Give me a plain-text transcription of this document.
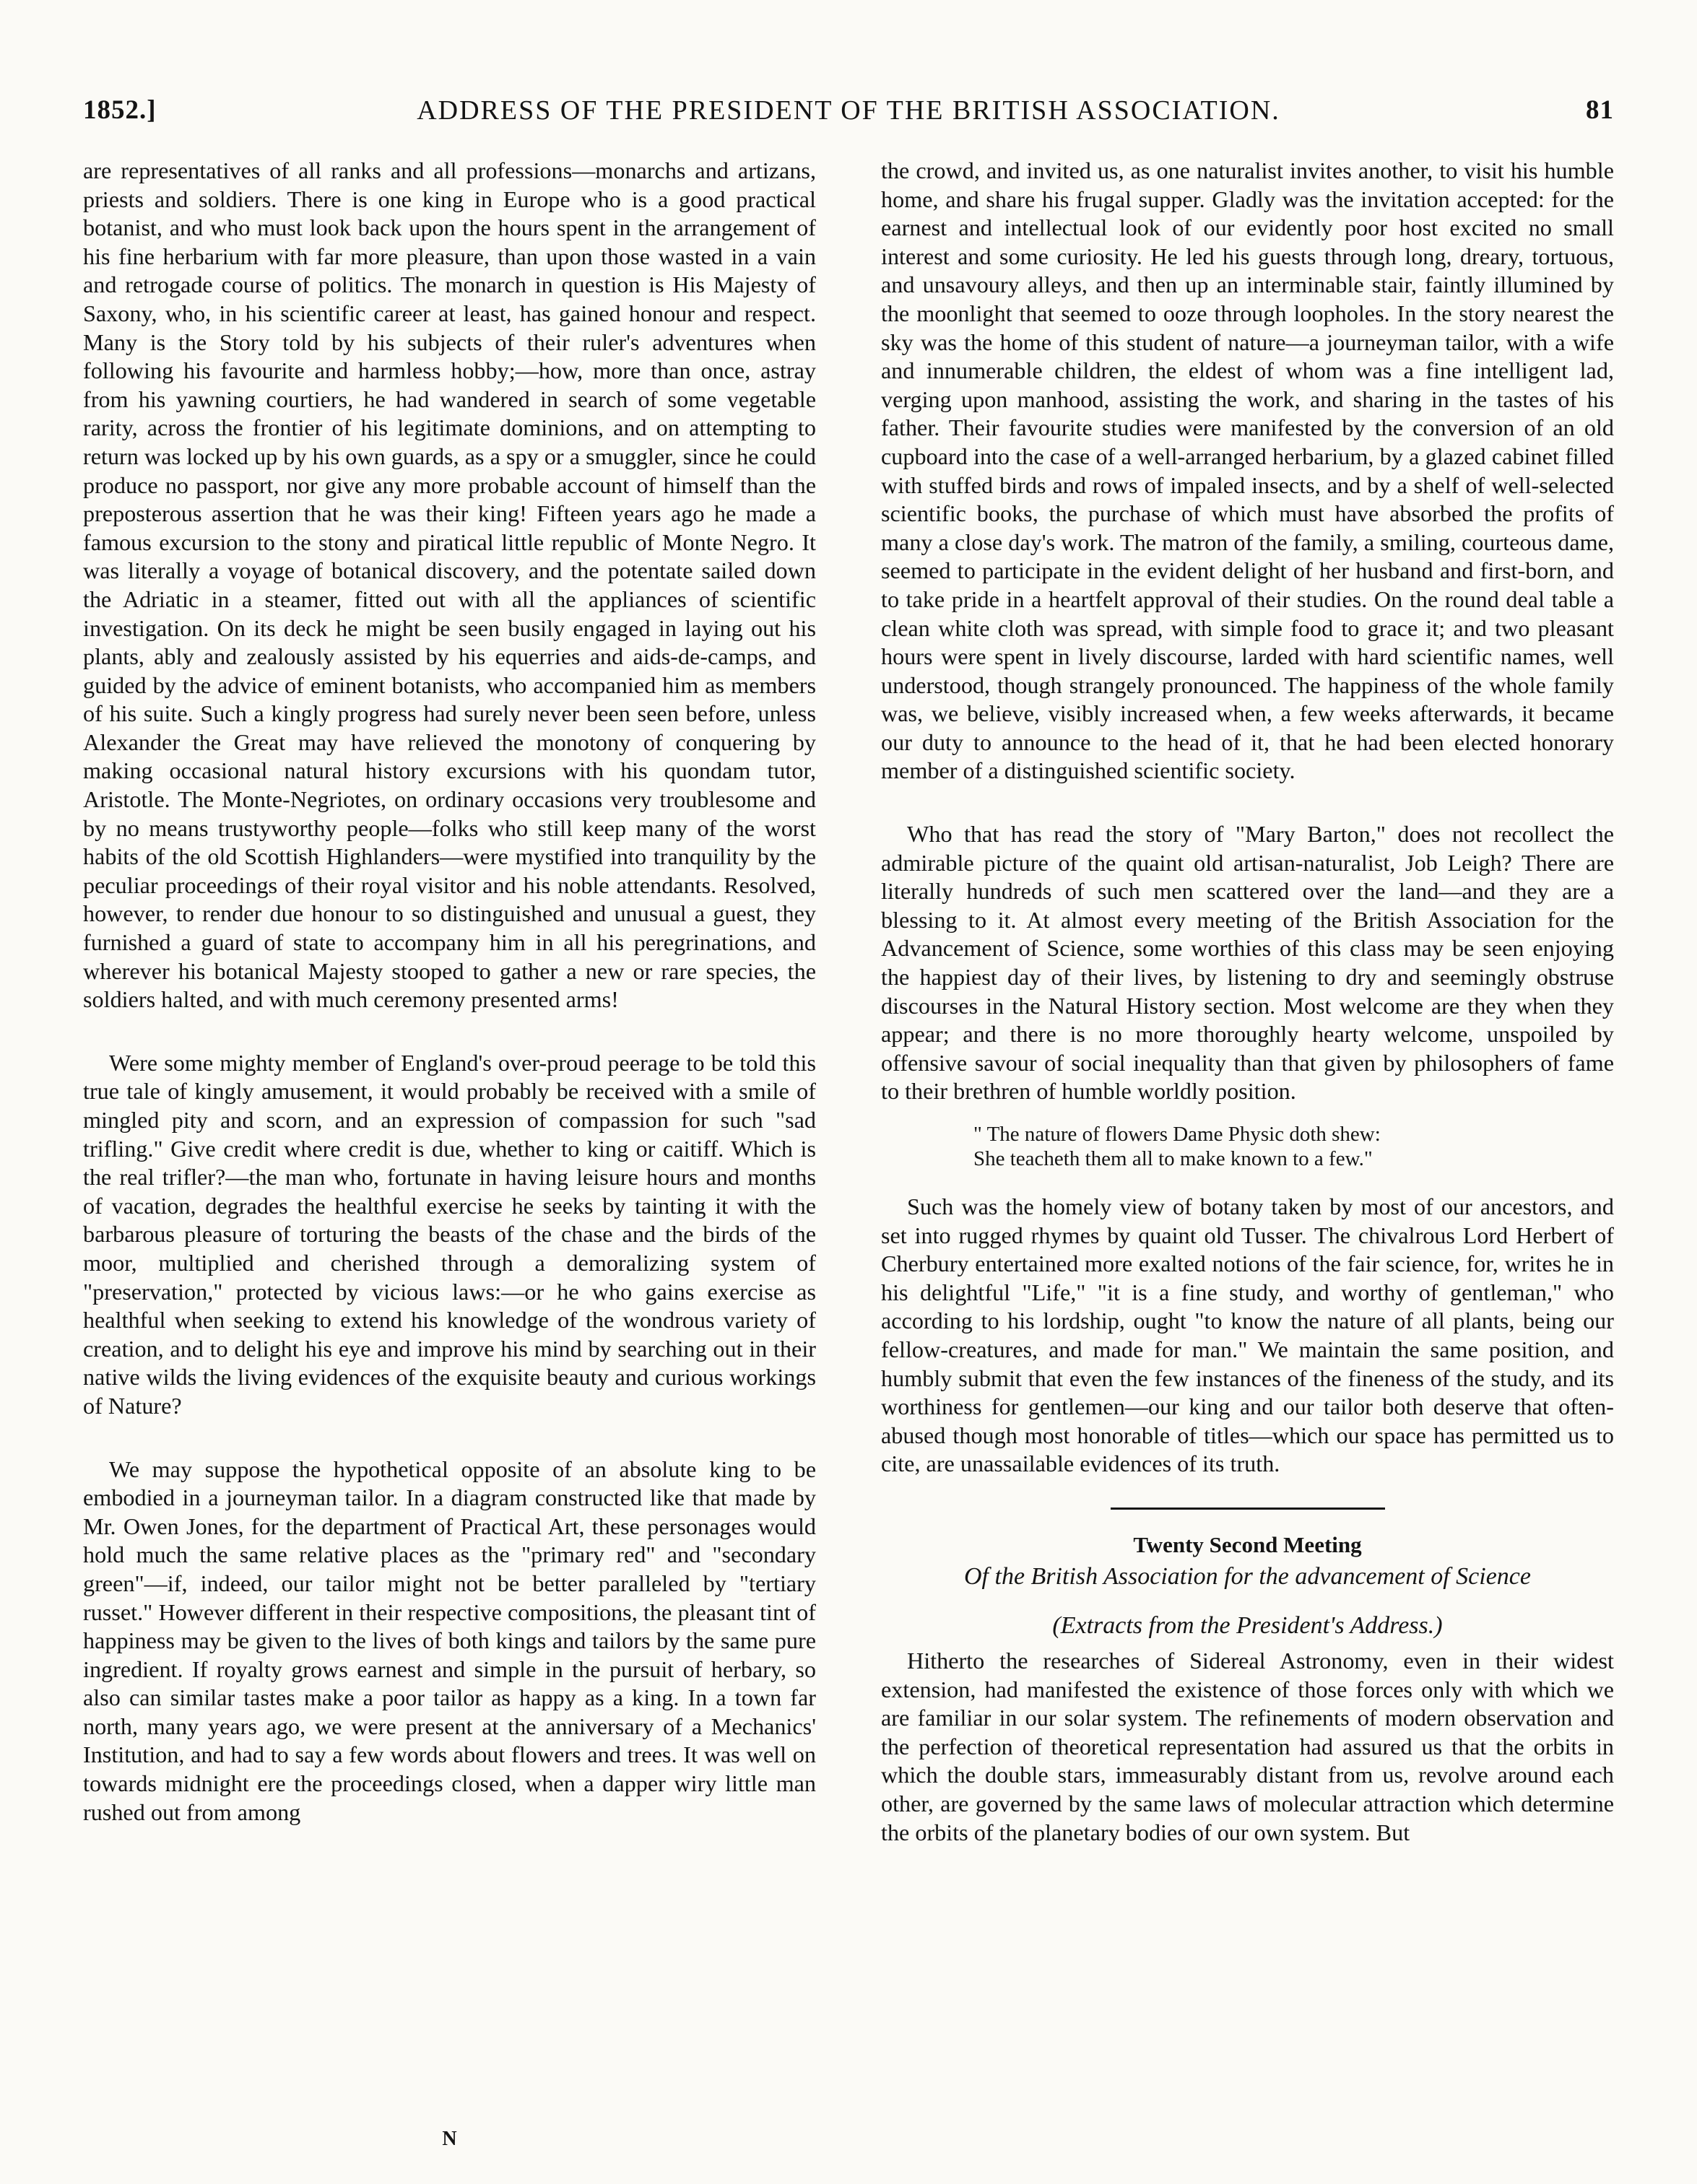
1852.]	ADDRESS OF THE PRESIDENT OF THE BRITISH ASSOCIATION.	81

are representatives of all ranks and all professions—monarchs and artizans, priests and soldiers. There is one king in Europe who is a good practical botanist, and who must look back upon the hours spent in the arrangement of his fine herbarium with far more pleasure, than upon those wasted in a vain and retrogade course of politics. The monarch in question is His Majesty of Saxony, who, in his scientific career at least, has gained honour and respect. Many is the Story told by his subjects of their ruler's adventures when following his favourite and harmless hobby;—how, more than once, astray from his yawning courtiers, he had wandered in search of some vegetable rarity, across the frontier of his legitimate dominions, and on attempting to return was locked up by his own guards, as a spy or a smuggler, since he could produce no passport, nor give any more probable account of himself than the preposterous assertion that he was their king! Fifteen years ago he made a famous excursion to the stony and piratical little republic of Monte Negro. It was literally a voyage of botanical discovery, and the potentate sailed down the Adriatic in a steamer, fitted out with all the appliances of scientific investigation. On its deck he might be seen busily engaged in laying out his plants, ably and zealously assisted by his equerries and aids-de-camps, and guided by the advice of eminent botanists, who accompanied him as members of his suite. Such a kingly progress had surely never been seen before, unless Alexander the Great may have relieved the monotony of conquering by making occasional natural history excursions with his quondam tutor, Aristotle. The Monte-Negriotes, on ordinary occasions very troublesome and by no means trustyworthy people—folks who still keep many of the worst habits of the old Scottish Highlanders—were mystified into tranquility by the peculiar proceedings of their royal visitor and his noble attendants. Resolved, however, to render due honour to so distinguished and unusual a guest, they furnished a guard of state to accompany him in all his peregrinations, and wherever his botanical Majesty stooped to gather a new or rare species, the soldiers halted, and with much ceremony presented arms!

Were some mighty member of England's over-proud peerage to be told this true tale of kingly amusement, it would probably be received with a smile of mingled pity and scorn, and an expression of compassion for such "sad trifling." Give credit where credit is due, whether to king or caitiff. Which is the real trifler?—the man who, fortunate in having leisure hours and months of vacation, degrades the healthful exercise he seeks by tainting it with the barbarous pleasure of torturing the beasts of the chase and the birds of the moor, multiplied and cherished through a demoralizing system of "preservation," protected by vicious laws:—or he who gains exercise as healthful when seeking to extend his knowledge of the wondrous variety of creation, and to delight his eye and improve his mind by searching out in their native wilds the living evidences of the exquisite beauty and curious workings of Nature?

We may suppose the hypothetical opposite of an absolute king to be embodied in a journeyman tailor. In a diagram constructed like that made by Mr. Owen Jones, for the department of Practical Art, these personages would hold much the same relative places as the "primary red" and "secondary green"—if, indeed, our tailor might not be better paralleled by "tertiary russet." However different in their respective compositions, the pleasant tint of happiness may be given to the lives of both kings and tailors by the same pure ingredient. If royalty grows earnest and simple in the pursuit of herbary, so also can similar tastes make a poor tailor as happy as a king. In a town far north, many years ago, we were present at the anniversary of a Mechanics' Institution, and had to say a few words about flowers and trees. It was well on towards midnight ere the proceedings closed, when a dapper wiry little man rushed out from among

the crowd, and invited us, as one naturalist invites another, to visit his humble home, and share his frugal supper. Gladly was the invitation accepted: for the earnest and intellectual look of our evidently poor host excited no small interest and some curiosity. He led his guests through long, dreary, tortuous, and unsavoury alleys, and then up an interminable stair, faintly illumined by the moonlight that seemed to ooze through loopholes. In the story nearest the sky was the home of this student of nature—a journeyman tailor, with a wife and innumerable children, the eldest of whom was a fine intelligent lad, verging upon manhood, assisting the work, and sharing in the tastes of his father. Their favourite studies were manifested by the conversion of an old cupboard into the case of a well-arranged herbarium, by a glazed cabinet filled with stuffed birds and rows of impaled insects, and by a shelf of well-selected scientific books, the purchase of which must have absorbed the profits of many a close day's work. The matron of the family, a smiling, courteous dame, seemed to participate in the evident delight of her husband and first-born, and to take pride in a heartfelt approval of their studies. On the round deal table a clean white cloth was spread, with simple food to grace it; and two pleasant hours were spent in lively discourse, larded with hard scientific names, well understood, though strangely pronounced. The happiness of the whole family was, we believe, visibly increased when, a few weeks afterwards, it became our duty to announce to the head of it, that he had been elected honorary member of a distinguished scientific society.

Who that has read the story of "Mary Barton," does not recollect the admirable picture of the quaint old artisan-naturalist, Job Leigh? There are literally hundreds of such men scattered over the land—and they are a blessing to it. At almost every meeting of the British Association for the Advancement of Science, some worthies of this class may be seen enjoying the happiest day of their lives, by listening to dry and seemingly obstruse discourses in the Natural History section. Most welcome are they when they appear; and there is no more thoroughly hearty welcome, unspoiled by offensive savour of social inequality than that given by philosophers of fame to their brethren of humble worldly position.

" The nature of flowers Dame Physic doth shew:
She teacheth them all to make known to a few."

Such was the homely view of botany taken by most of our ancestors, and set into rugged rhymes by quaint old Tusser. The chivalrous Lord Herbert of Cherbury entertained more exalted notions of the fair science, for, writes he in his delightful "Life," "it is a fine study, and worthy of gentleman," who according to his lordship, ought "to know the nature of all plants, being our fellow-creatures, and made for man." We maintain the same position, and humbly submit that even the few instances of the fineness of the study, and its worthiness for gentlemen—our king and our tailor both deserve that often-abused though most honorable of titles—which our space has permitted us to cite, are unassailable evidences of its truth.

Twenty Second Meeting
Of the British Association for the advancement of Science
(Extracts from the President's Address.)

Hitherto the researches of Sidereal Astronomy, even in their widest extension, had manifested the existence of those forces only with which we are familiar in our solar system. The refinements of modern observation and the perfection of theoretical representation had assured us that the orbits in which the double stars, immeasurably distant from us, revolve around each other, are governed by the same laws of molecular attraction which determine the orbits of the planetary bodies of our own system. But

N
